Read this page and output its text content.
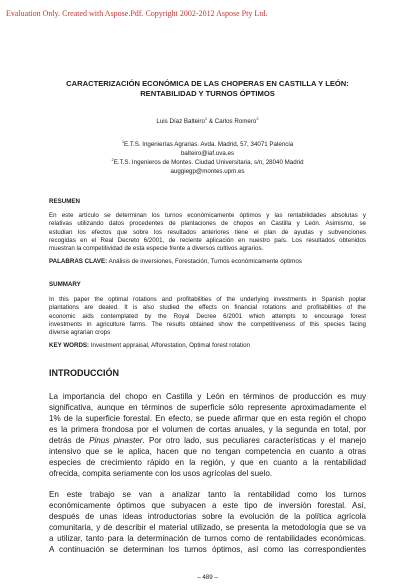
Evaluation Only. Created with Aspose.Pdf. Copyright 2002-2012 Aspose Pty Ltd.
CARACTERIZACIÓN ECONÓMICA DE LAS CHOPERAS EN CASTILLA Y LEÓN:
RENTABILIDAD Y TURNOS ÓPTIMOS
Luis Díaz Balteiro$^1$ & Carlos Romero$^2$
$^1$E.T.S. Ingenierías Agrarias. Avda. Madrid, 57, 34071 Palencia
balteiro@iaf.uva.es
$^2$E.T.S. Ingenieros de Montes. Ciudad Universitaria, s/n, 28040 Madrid
auggiegp@montes.upm.es
RESUMEN
En este artículo se determinan los turnos económicamente óptimos y las rentabilidades absolutas y
relativas utilizando datos procedentes de plantaciones de chopos en Castilla y León. Asimismo, se
estudian los efectos que sobre los resultados anteriores tiene el plan de ayudas y subvenciones
recogidas en el Real Decreto 6/2001, de reciente aplicación en nuestro país. Los resultados obtenidos
muestran la competitividad de esta especie frente a diversos cultivos agrarios.
PALABRAS CLAVE: Análisis de inversiones, Forestación, Turnos económicamente óptimos
SUMMARY
In this paper the optimal rotations and profitabilities of the underlying investments in Spanish poplar
plantations are dealed. It is also studied the effects on financial rotations and profitabilities of the
economic aids contemplated by the Royal Decree 6/2001 which attempts to encourage forest
investments in agriculture farms. The results obtained show the competitiveness of this species facing
diverse agrarian crops
KEY WORDS: Investment appraisal, Afforestation, Optimal forest rotation
INTRODUCCIÓN
La importancia del chopo en Castilla y León en términos de producción es muy
significativa, aunque en términos de superficie sólo represente aproximadamente el
1% de la superficie forestal. En efecto, se puede afirmar que en esta región el chopo
es la primera frondosa por el volumen de cortas anuales, y la segunda en total, por
detrás de Pinus pinaster. Por otro lado, sus peculiares características y el manejo
intensivo que se le aplica, hacen que no tengan competencia en cuanto a otras
especies de crecimiento rápido en la región, y que en cuanto a la rentabilidad
ofrecida, compita seriamente con los usos agrícolas del suelo.
En este trabajo se van a analizar tanto la rentabilidad como los turnos
económicamente óptimos que subyacen a este tipo de inversión forestal. Así,
después de unas ideas introductorias sobre la evolución de la política agrícola
comunitaria, y de describir el material utilizado, se presenta la metodología que se va
a utilizar, tanto para la determinación de turnos como de rentabilidades económicas.
A continuación se determinan los turnos óptimos, así como las correspondientes
– 489 –
